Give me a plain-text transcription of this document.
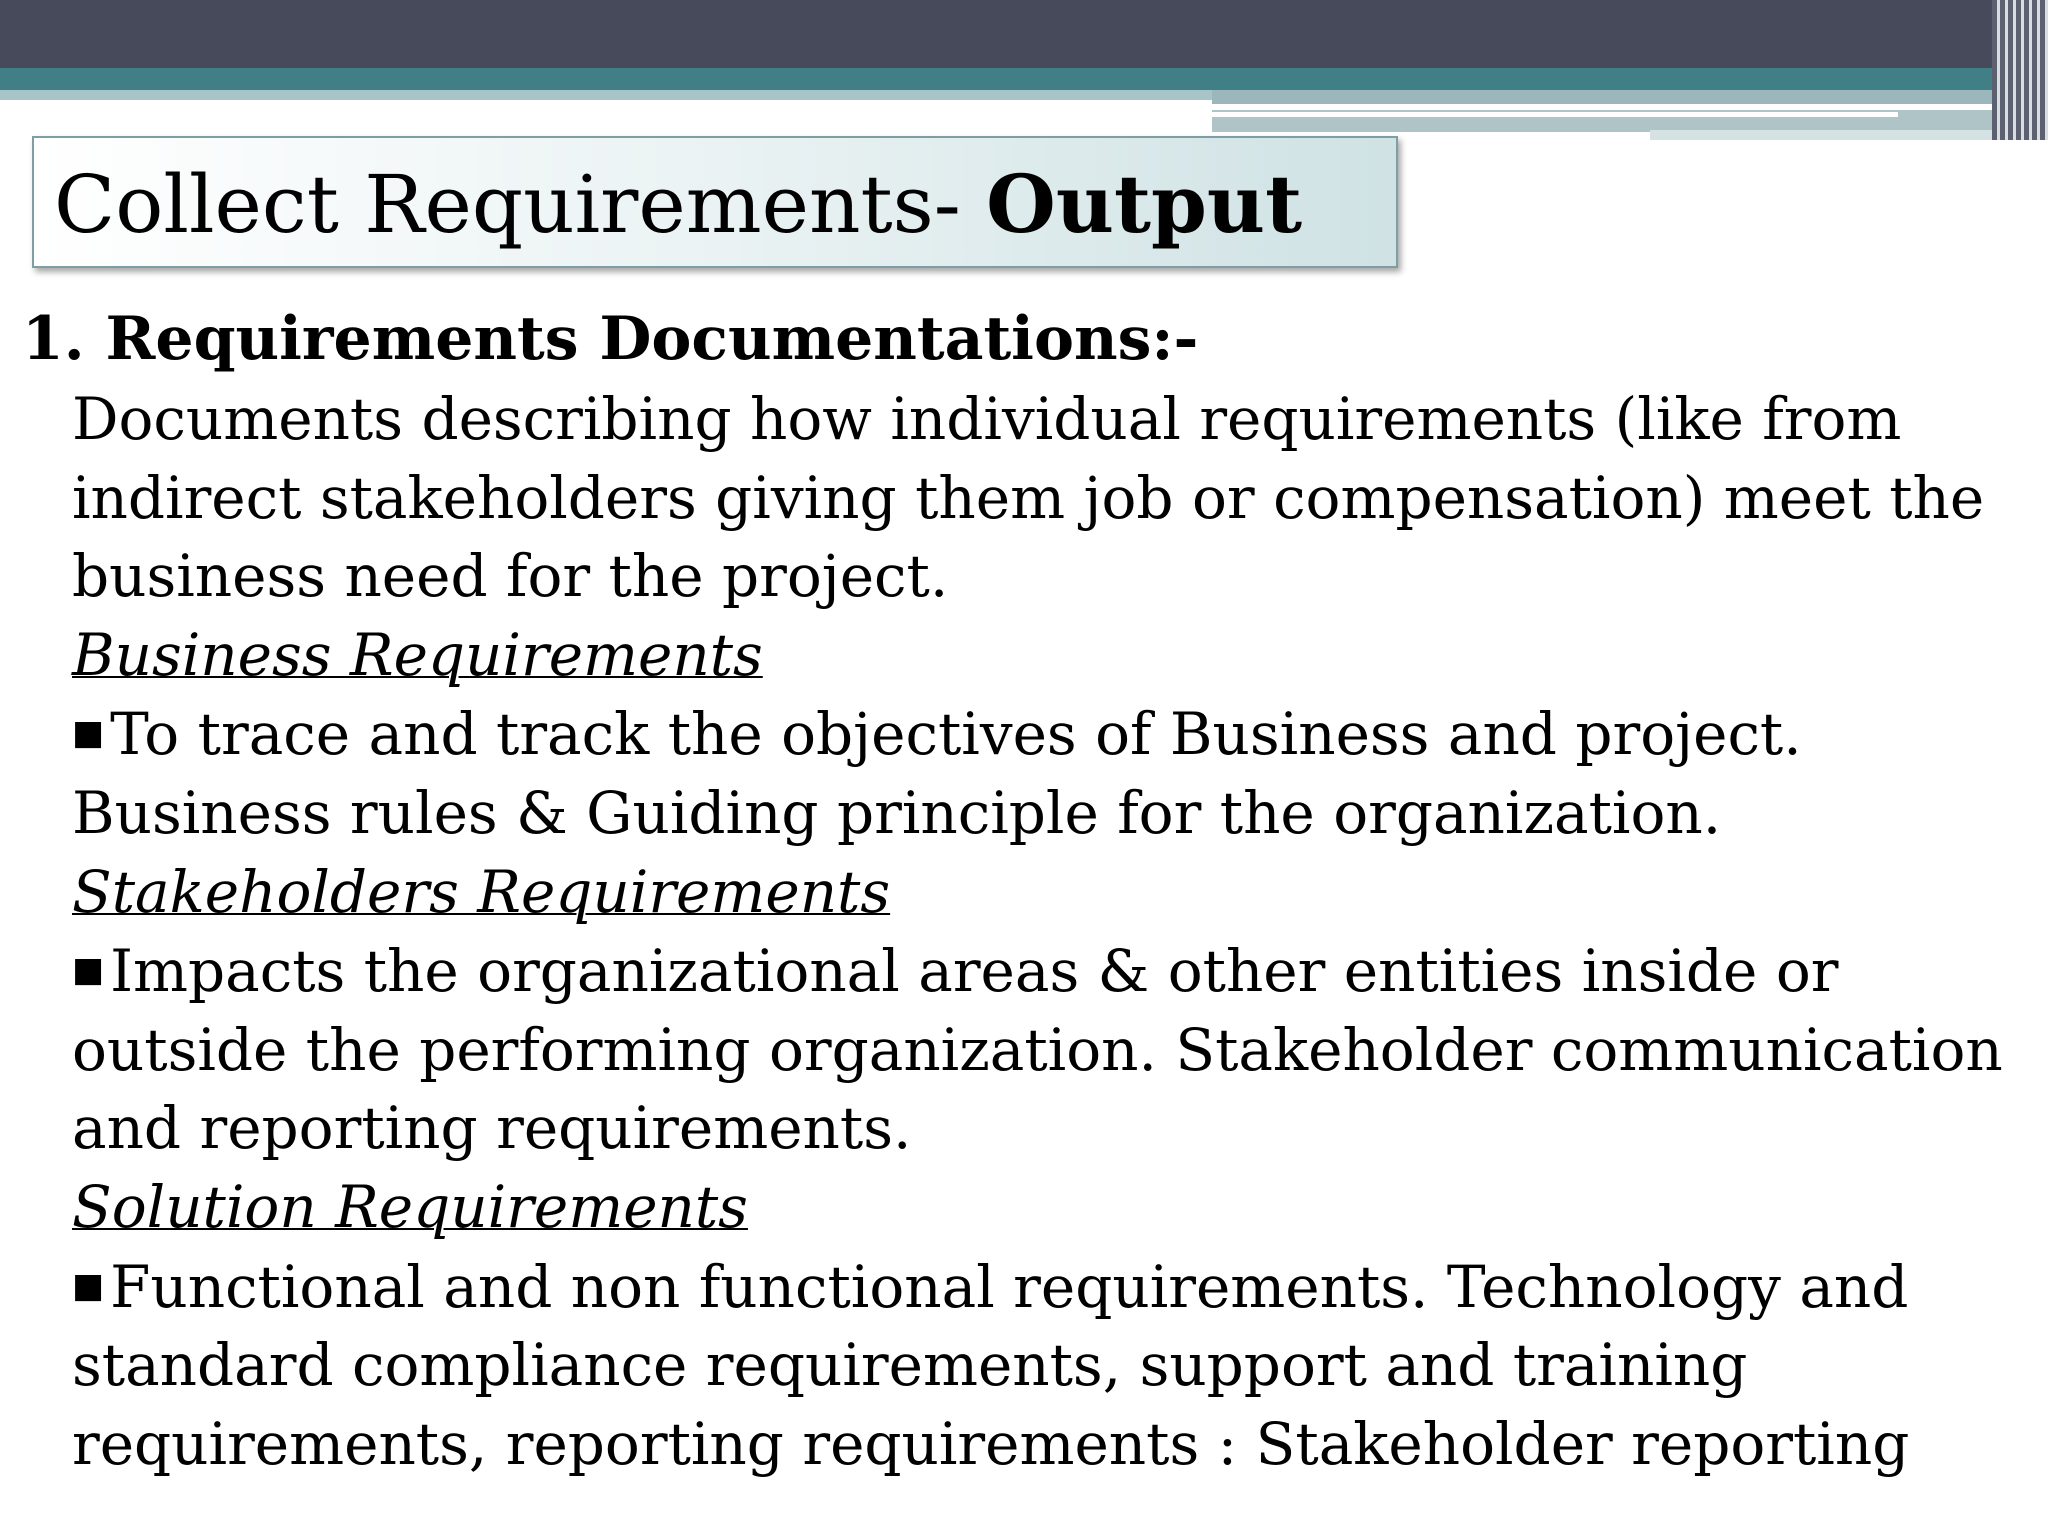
Collect Requirements- Output

1. Requirements Documentations:-

Documents describing how individual requirements (like from
indirect stakeholders giving them job or compensation) meet the
business need for the project.
Business Requirements
■ To trace and track the objectives of Business and project.
Business rules & Guiding principle for the organization.
Stakeholders Requirements
■ Impacts the organizational areas & other entities inside or
outside the performing organization. Stakeholder communication
and reporting requirements.
Solution Requirements
■ Functional and non functional requirements. Technology and
standard compliance requirements, support and training
requirements, reporting requirements : Stakeholder reporting
